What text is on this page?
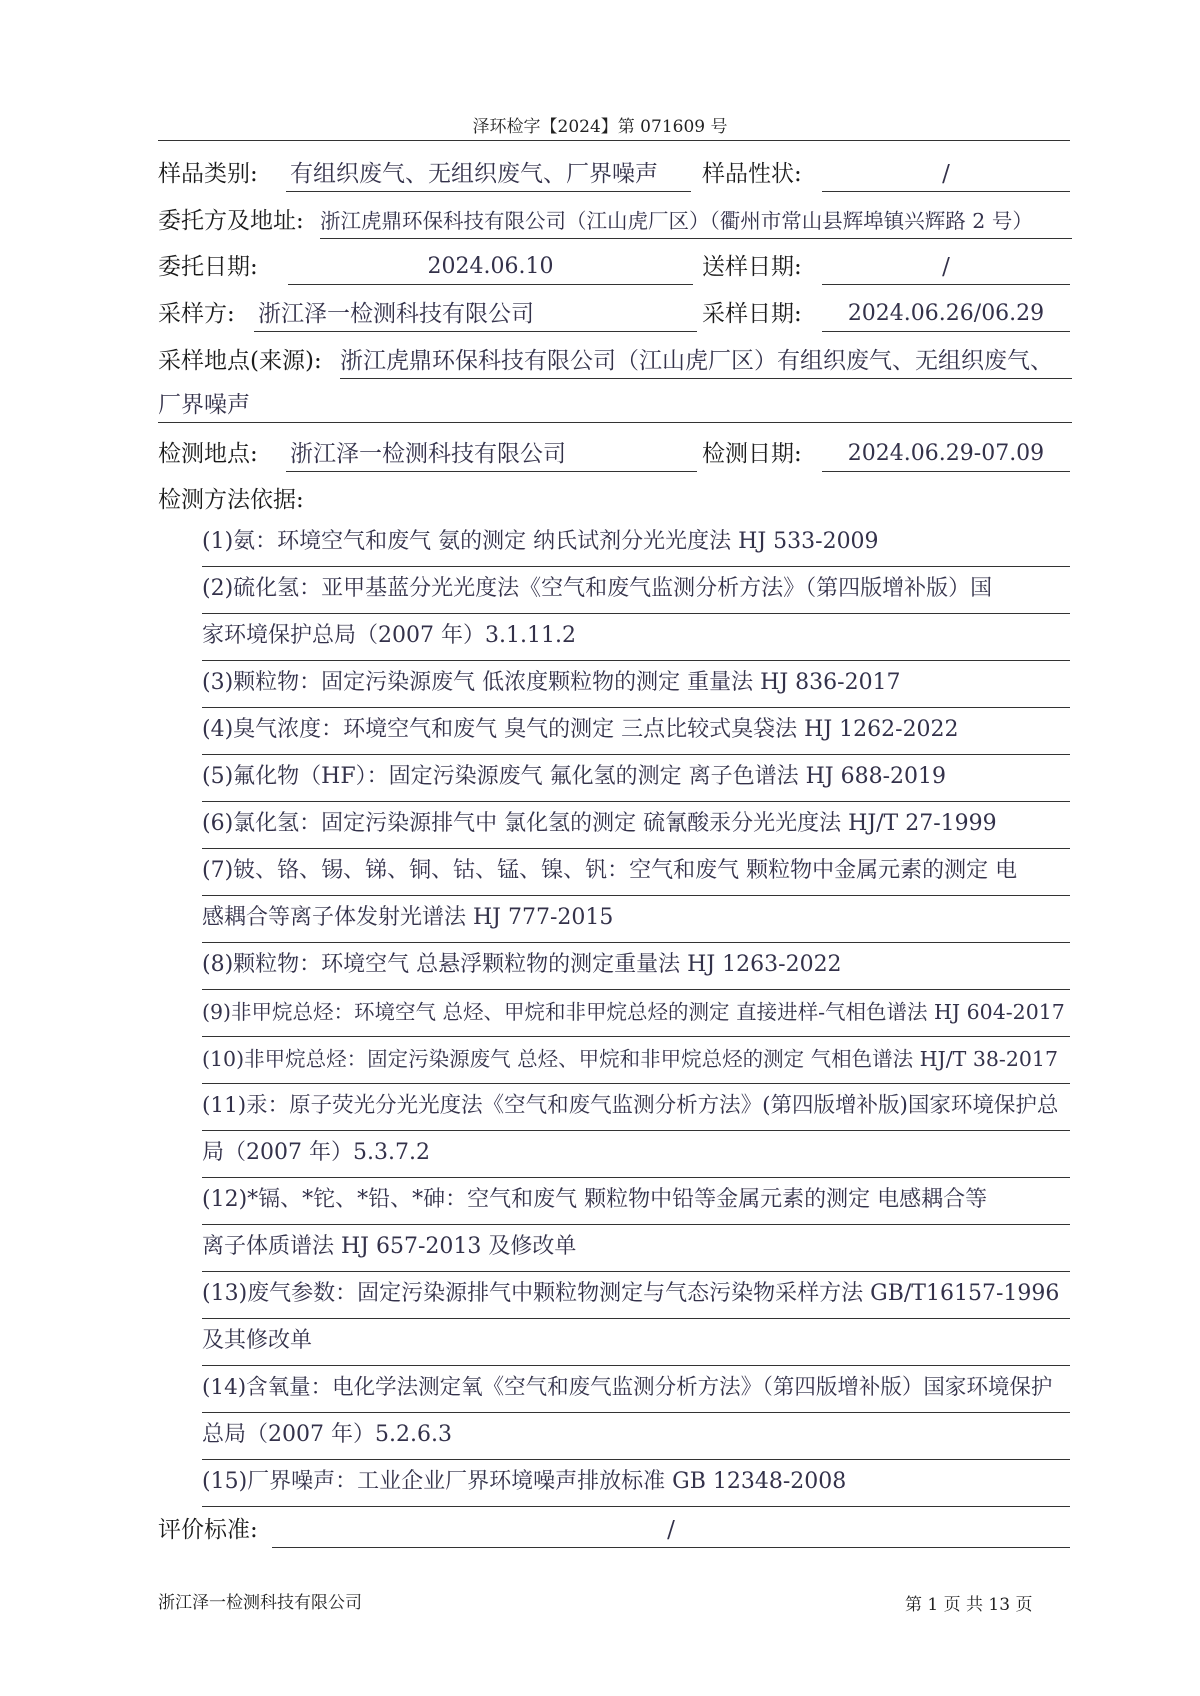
泽环检字【2024】第 071609 号
样品类别: 有组织废气、无组织废气、厂界噪声	样品性状:	/
委托方及地址: 浙江虎鼎环保科技有限公司（江山虎厂区）（衢州市常山县辉埠镇兴辉路 2 号）
委托日期:	2024.06.10	送样日期:	/
采样方: 浙江泽一检测科技有限公司	采样日期:	2024.06.26/06.29
采样地点(来源): 浙江虎鼎环保科技有限公司（江山虎厂区）有组织废气、无组织废气、
厂界噪声
检测地点: 浙江泽一检测科技有限公司	检测日期:	2024.06.29-07.09
检测方法依据:
(1)氨：环境空气和废气 氨的测定 纳氏试剂分光光度法 HJ 533-2009
(2)硫化氢：亚甲基蓝分光光度法《空气和废气监测分析方法》（第四版增补版）国
家环境保护总局（2007 年）3.1.11.2
(3)颗粒物：固定污染源废气 低浓度颗粒物的测定 重量法 HJ 836-2017
(4)臭气浓度：环境空气和废气 臭气的测定 三点比较式臭袋法 HJ 1262-2022
(5)氟化物（HF）：固定污染源废气 氟化氢的测定 离子色谱法 HJ 688-2019
(6)氯化氢：固定污染源排气中 氯化氢的测定 硫氰酸汞分光光度法 HJ/T 27-1999
(7)铍、铬、锡、锑、铜、钴、锰、镍、钒：空气和废气 颗粒物中金属元素的测定 电
感耦合等离子体发射光谱法 HJ 777-2015
(8)颗粒物：环境空气 总悬浮颗粒物的测定重量法 HJ 1263-2022
(9)非甲烷总烃：环境空气 总烃、甲烷和非甲烷总烃的测定 直接进样-气相色谱法 HJ 604-2017
(10)非甲烷总烃：固定污染源废气 总烃、甲烷和非甲烷总烃的测定 气相色谱法 HJ/T 38-2017
(11)汞：原子荧光分光光度法《空气和废气监测分析方法》(第四版增补版)国家环境保护总
局（2007 年）5.3.7.2
(12)*镉、*铊、*铅、*砷：空气和废气 颗粒物中铅等金属元素的测定 电感耦合等
离子体质谱法 HJ 657-2013 及修改单
(13)废气参数：固定污染源排气中颗粒物测定与气态污染物采样方法 GB/T16157-1996
及其修改单
(14)含氧量：电化学法测定氧《空气和废气监测分析方法》（第四版增补版）国家环境保护
总局（2007 年）5.2.6.3
(15)厂界噪声：工业企业厂界环境噪声排放标准 GB 12348-2008
评价标准:	/
浙江泽一检测科技有限公司	第 1 页 共 13 页
